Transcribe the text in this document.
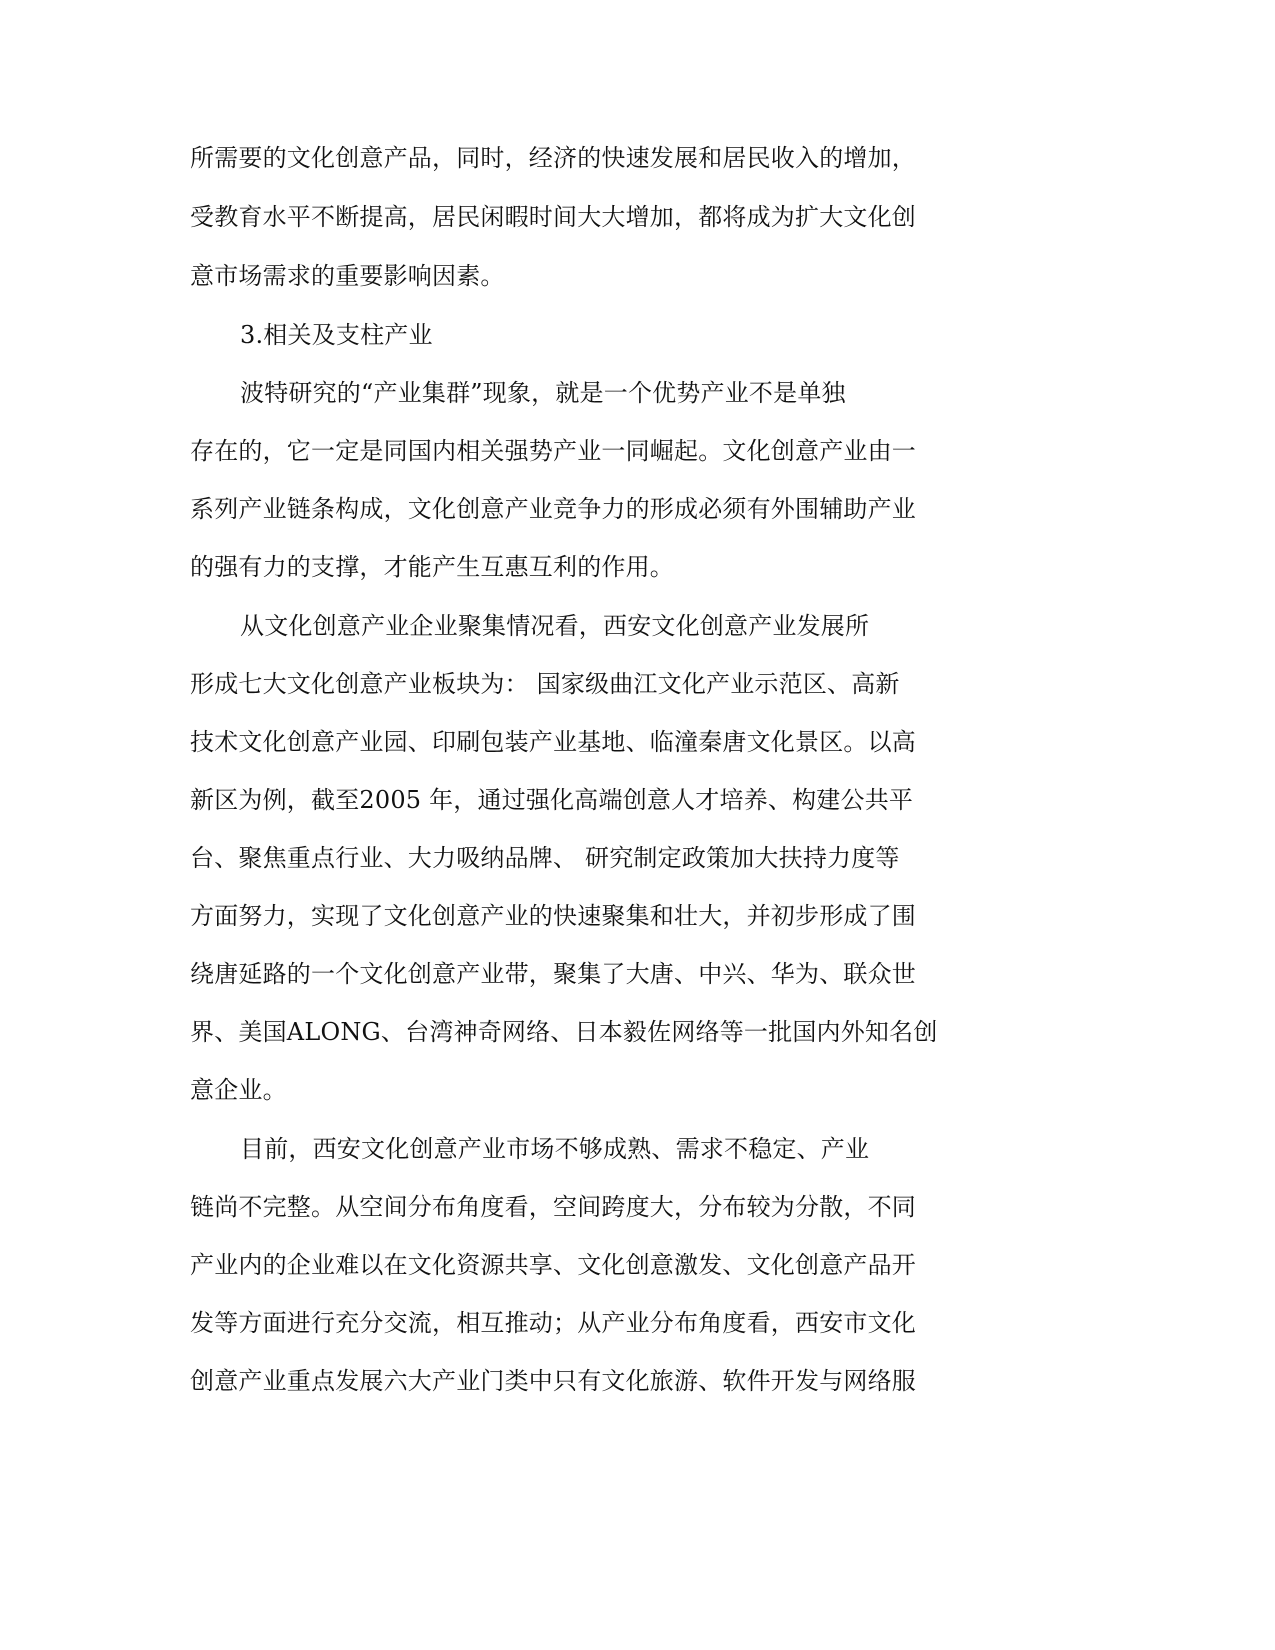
所需要的文化创意产品，同时，经济的快速发展和居民收入的增加，
受教育水平不断提高，居民闲暇时间大大增加，都将成为扩大文化创
意市场需求的重要影响因素。
3.相关及支柱产业
波特研究的“产业集群”现象，就是一个优势产业不是单独
存在的，它一定是同国内相关强势产业一同崛起。文化创意产业由一
系列产业链条构成，文化创意产业竞争力的形成必须有外围辅助产业
的强有力的支撑，才能产生互惠互利的作用。
从文化创意产业企业聚集情况看，西安文化创意产业发展所
形成七大文化创意产业板块为： 国家级曲江文化产业示范区、高新
技术文化创意产业园、印刷包装产业基地、临潼秦唐文化景区。以高
新区为例，截至2005 年，通过强化高端创意人才培养、构建公共平
台、聚焦重点行业、大力吸纳品牌、 研究制定政策加大扶持力度等
方面努力，实现了文化创意产业的快速聚集和壮大，并初步形成了围
绕唐延路的一个文化创意产业带，聚集了大唐、中兴、华为、联众世
界、美国ALONG、台湾神奇网络、日本毅佐网络等一批国内外知名创
意企业。
目前，西安文化创意产业市场不够成熟、需求不稳定、产业
链尚不完整。从空间分布角度看，空间跨度大，分布较为分散，不同
产业内的企业难以在文化资源共享、文化创意激发、文化创意产品开
发等方面进行充分交流，相互推动；从产业分布角度看，西安市文化
创意产业重点发展六大产业门类中只有文化旅游、软件开发与网络服
